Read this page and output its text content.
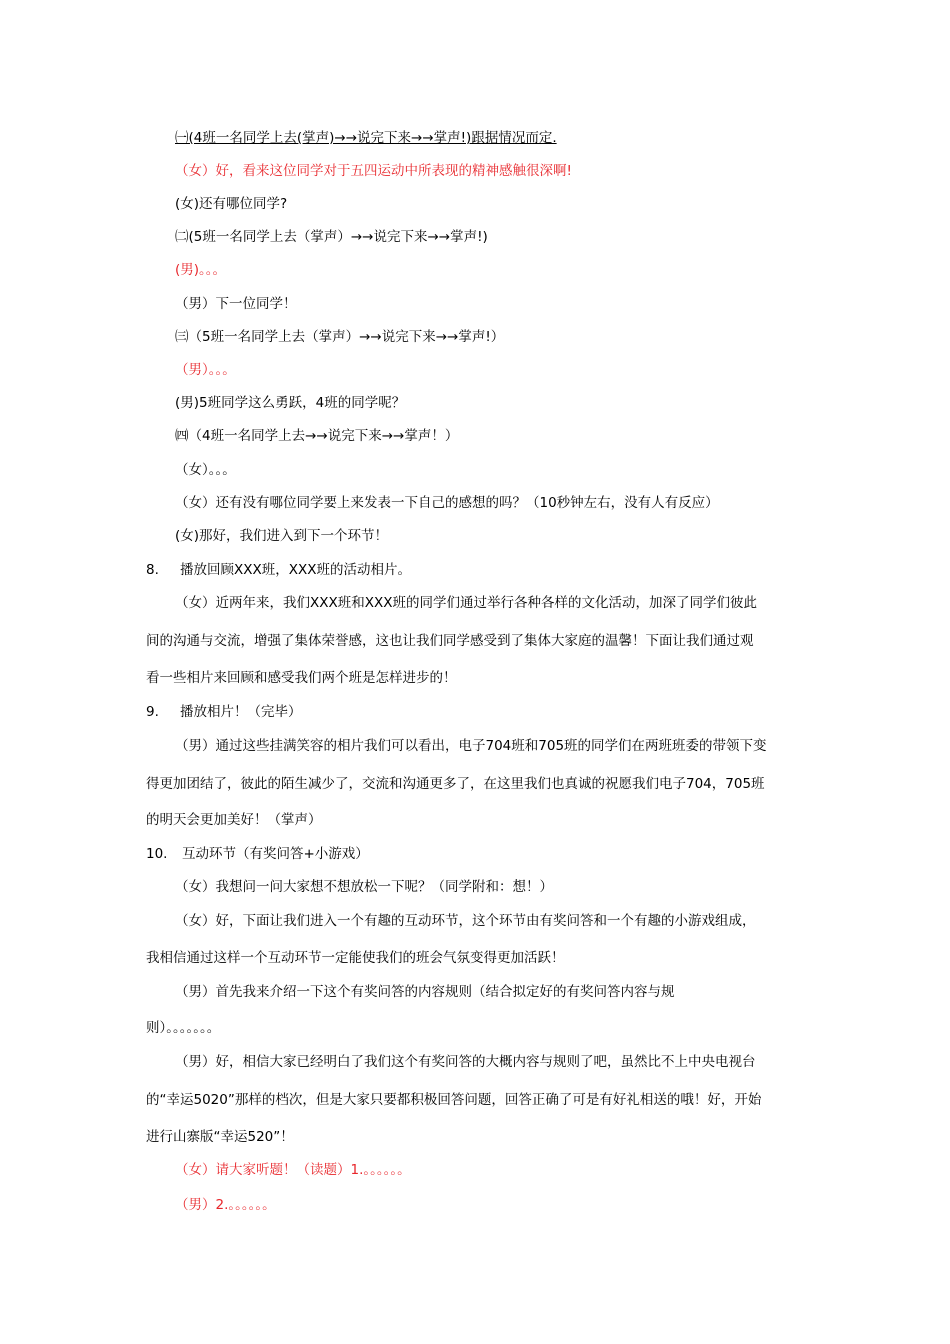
㈠(4班一名同学上去(掌声)→→说完下来→→掌声!)跟据情况而定.
（女）好，看来这位同学对于五四运动中所表现的精神感触很深啊!
(女)还有哪位同学?
㈡(5班一名同学上去（掌声）→→说完下来→→掌声!)
(男)。。。
（男）下一位同学！
㈢（5班一名同学上去（掌声）→→说完下来→→掌声!）
（男）。。。
(男)5班同学这么勇跃，4班的同学呢？
㈣（4班一名同学上去→→说完下来→→掌声！）
（女）。。。
（女）还有没有哪位同学要上来发表一下自己的感想的吗？（10秒钟左右，没有人有反应）
(女)那好，我们进入到下一个环节！
8. 播放回顾XXX班，XXX班的活动相片。
（女）近两年来，我们XXX班和XXX班的同学们通过举行各种各样的文化活动，加深了同学们彼此
间的沟通与交流，增强了集体荣誉感，这也让我们同学感受到了集体大家庭的温馨！下面让我们通过观
看一些相片来回顾和感受我们两个班是怎样进步的！
9. 播放相片！（完毕）
（男）通过这些挂满笑容的相片我们可以看出，电子704班和705班的同学们在两班班委的带领下变
得更加团结了，彼此的陌生减少了，交流和沟通更多了，在这里我们也真诚的祝愿我们电子704，705班
的明天会更加美好！（掌声）
10. 互动环节（有奖问答+小游戏）
（女）我想问一问大家想不想放松一下呢？（同学附和：想！）
（女）好，下面让我们进入一个有趣的互动环节，这个环节由有奖问答和一个有趣的小游戏组成，
我相信通过这样一个互动环节一定能使我们的班会气氛变得更加活跃！
（男）首先我来介绍一下这个有奖问答的内容规则（结合拟定好的有奖问答内容与规
则）。。。。。。。
（男）好，相信大家已经明白了我们这个有奖问答的大概内容与规则了吧，虽然比不上中央电视台
的“幸运5020”那样的档次，但是大家只要都积极回答问题，回答正确了可是有好礼相送的哦！好，开始
进行山寨版“幸运520”！
（女）请大家听题！（读题）1.。。。。。。
（男）2.。。。。。。
